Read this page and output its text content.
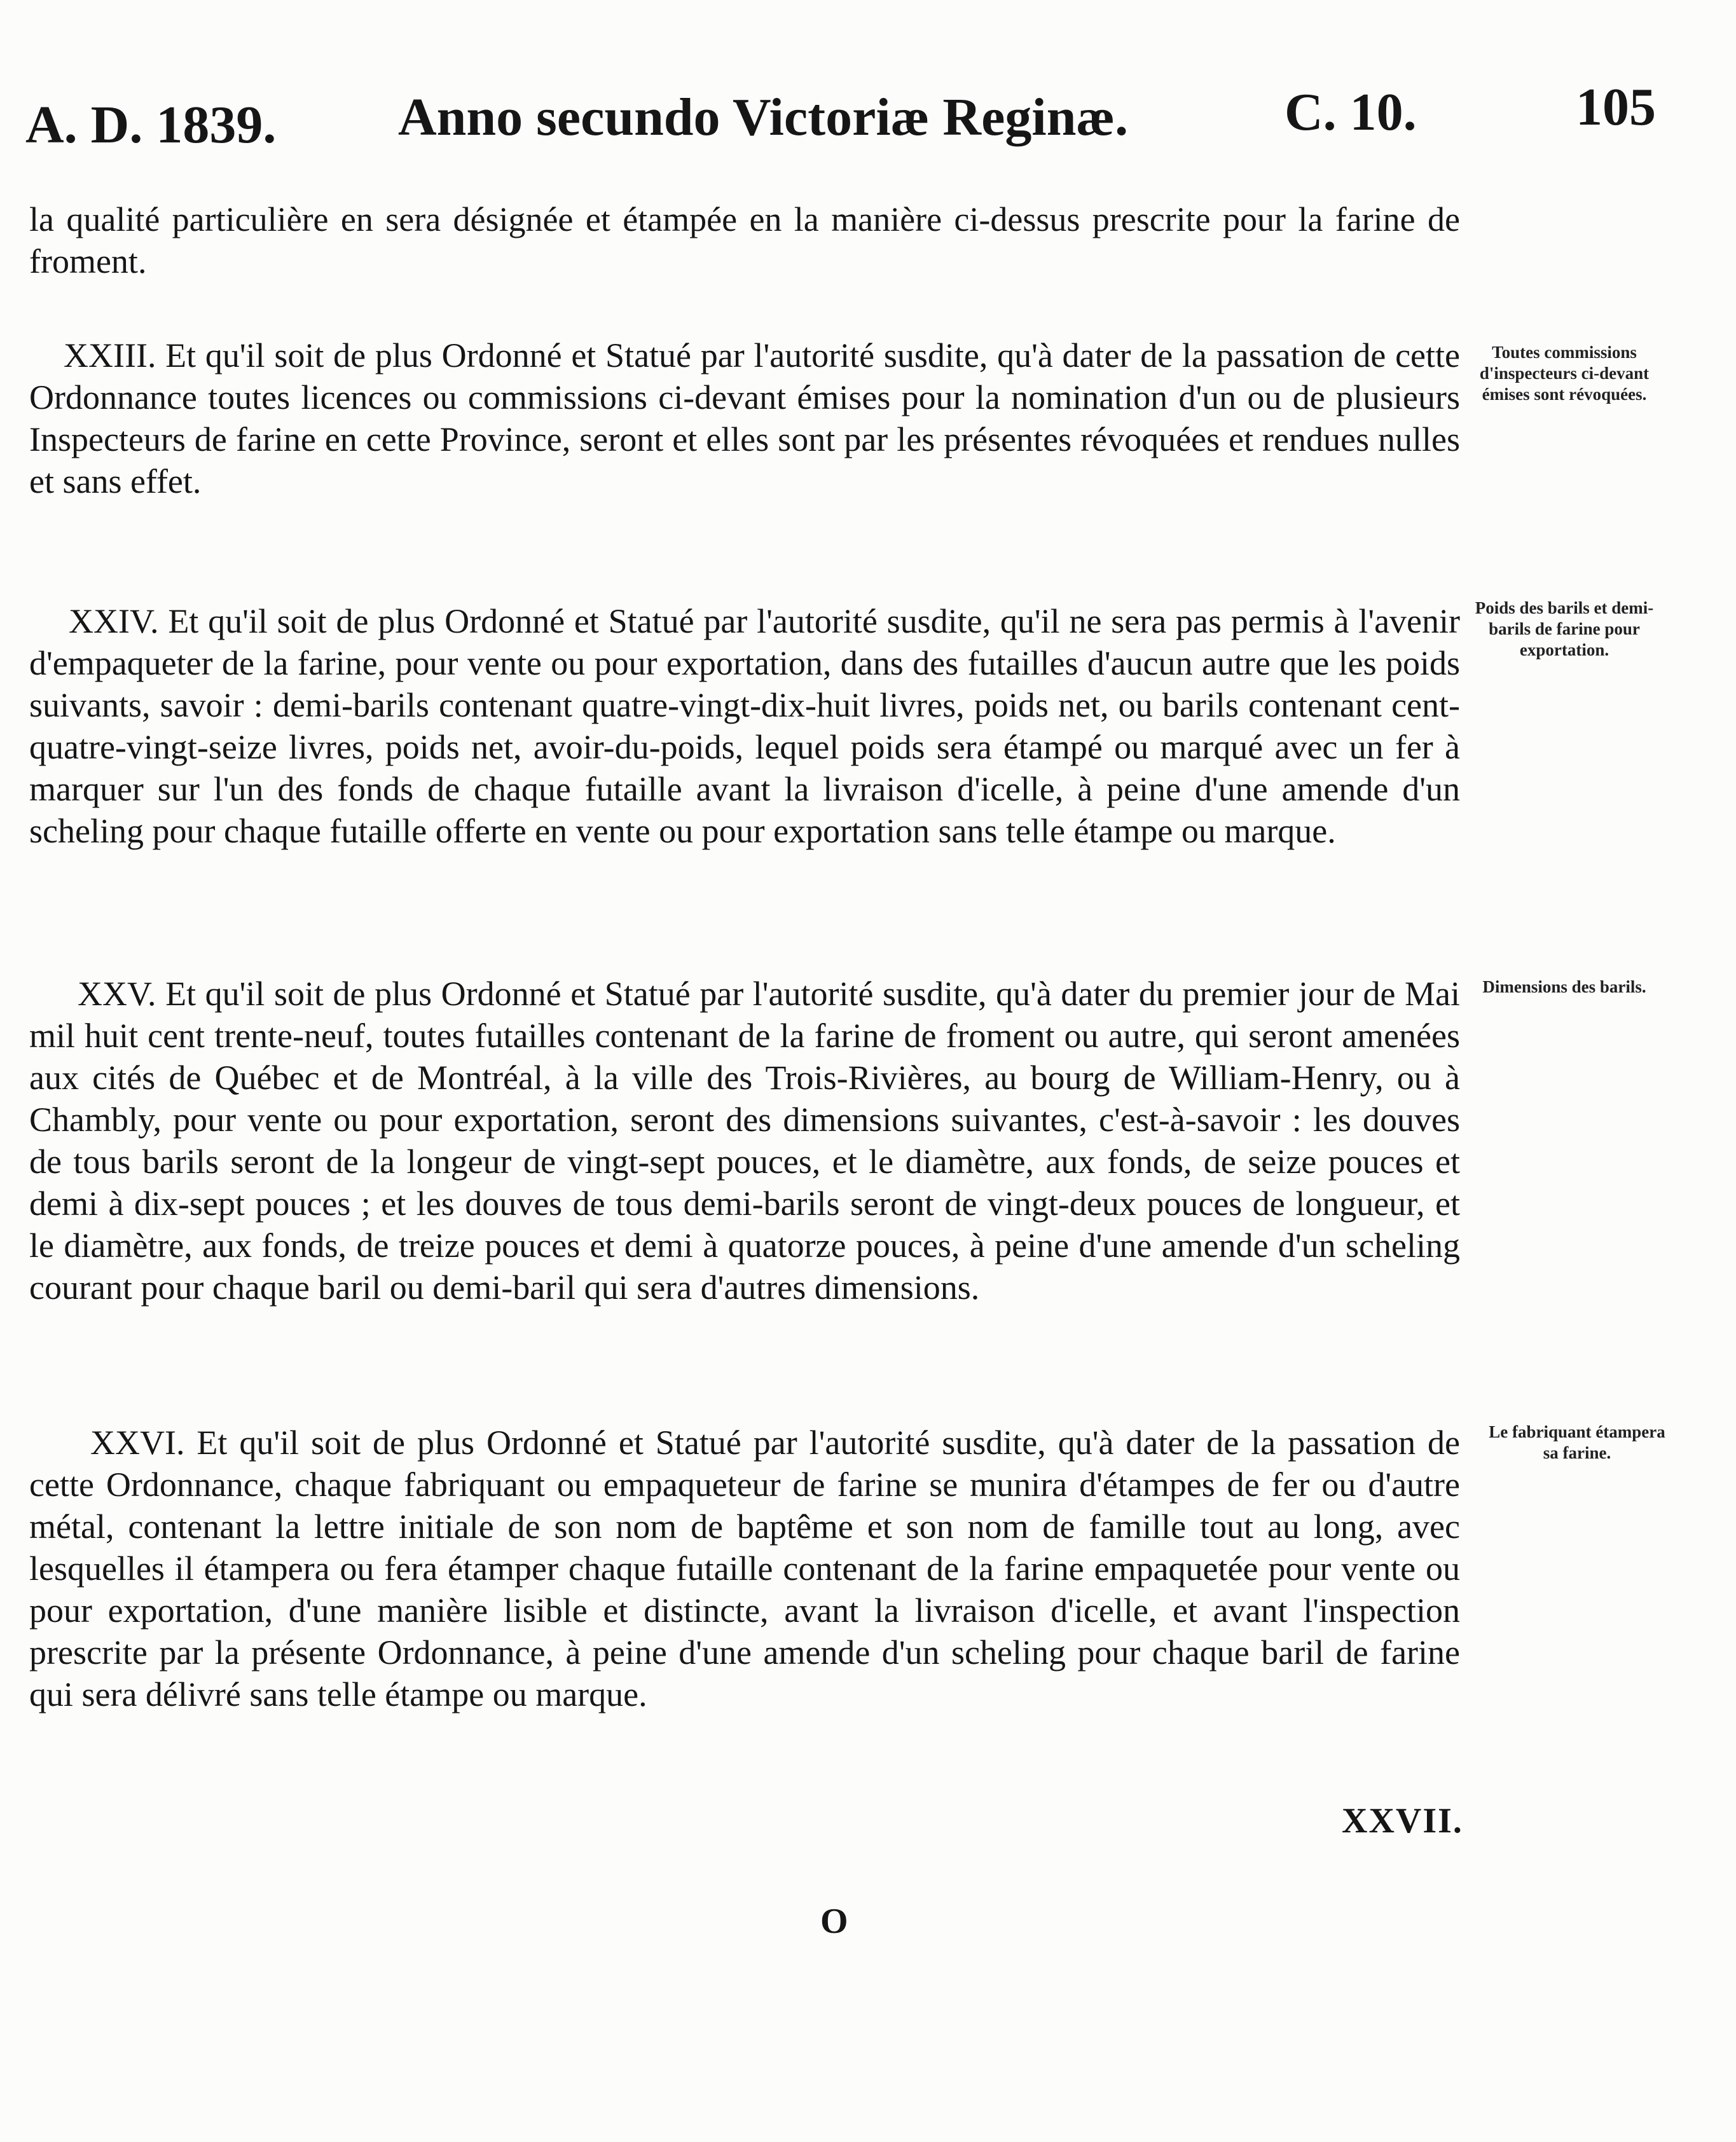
A. D. 1839. Anno secundo Victoriæ Reginæ.	C. 10.	105
la qualité particulière en sera désignée et étampée en la manière ci-dessus prescrite pour la farine de froment.
XXIII. Et qu'il soit de plus Ordonné et Statué par l'autorité susdite, qu'à dater de la passation de cette Ordonnance toutes licences ou commissions ci-devant émises pour la nomination d'un ou de plusieurs Inspecteurs de farine en cette Province, seront et elles sont par les présentes révoquées et rendues nulles et sans effet.
XXIV. Et qu'il soit de plus Ordonné et Statué par l'autorité susdite, qu'il ne sera pas permis à l'avenir d'empaqueter de la farine, pour vente ou pour exportation, dans des futailles d'aucun autre que les poids suivants, savoir : demi-barils contenant quatre-vingt-dix-huit livres, poids net, ou barils contenant cent-quatre-vingt-seize livres, poids net, avoir-du-poids, lequel poids sera étampé ou marqué avec un fer à marquer sur l'un des fonds de chaque futaille avant la livraison d'icelle, à peine d'une amende d'un scheling pour chaque futaille offerte en vente ou pour exportation sans telle étampe ou marque.
XXV. Et qu'il soit de plus Ordonné et Statué par l'autorité susdite, qu'à dater du premier jour de Mai mil huit cent trente-neuf, toutes futailles contenant de la farine de froment ou autre, qui seront amenées aux cités de Québec et de Montréal, à la ville des Trois-Rivières, au bourg de William-Henry, ou à Chambly, pour vente ou pour exportation, seront des dimensions suivantes, c'est-à-savoir : les douves de tous barils seront de la longeur de vingt-sept pouces, et le diamètre, aux fonds, de seize pouces et demi à dix-sept pouces ; et les douves de tous demi-barils seront de vingt-deux pouces de longueur, et le diamètre, aux fonds, de treize pouces et demi à quatorze pouces, à peine d'une amende d'un scheling courant pour chaque baril ou demi-baril qui sera d'autres dimensions.
XXVI. Et qu'il soit de plus Ordonné et Statué par l'autorité susdite, qu'à dater de la passation de cette Ordonnance, chaque fabriquant ou empaqueteur de farine se munira d'étampes de fer ou d'autre métal, contenant la lettre initiale de son nom de baptême et son nom de famille tout au long, avec lesquelles il étampera ou fera étamper chaque futaille contenant de la farine empaquetée pour vente ou pour exportation, d'une manière lisible et distincte, avant la livraison d'icelle, et avant l'inspection prescrite par la présente Ordonnance, à peine d'une amende d'un scheling pour chaque baril de farine qui sera délivré sans telle étampe ou marque.
Toutes commissions d'inspecteurs ci-devant émises sont révoquées.
Poids des barils et demi-barils de farine pour exportation.
Dimensions des barils.
Le fabriquant étampera sa farine.
XXVII.
O
